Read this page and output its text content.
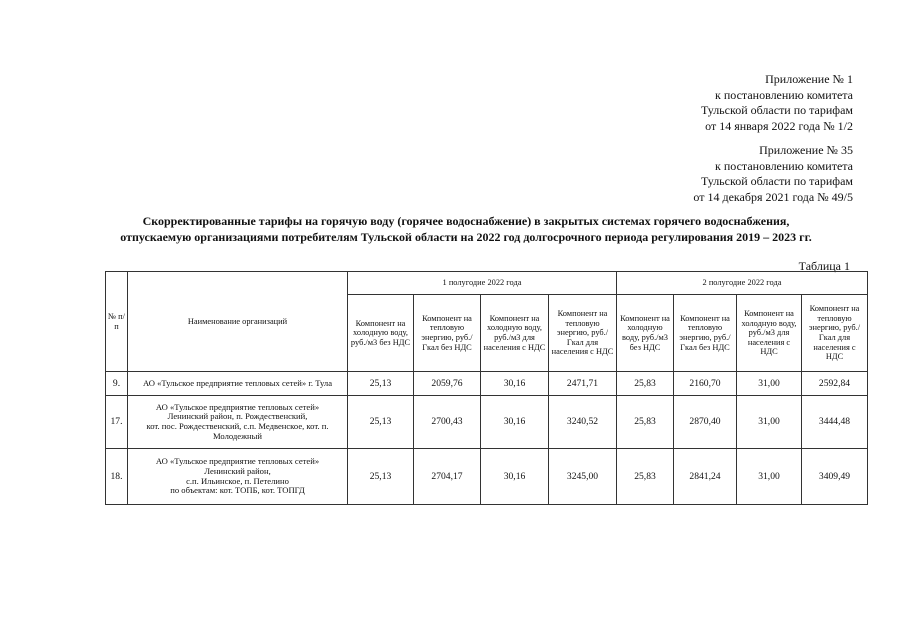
Приложение № 1
к постановлению комитета
Тульской области по тарифам
от 14 января 2022 года № 1/2
Приложение № 35
к постановлению комитета
Тульской области по тарифам
от 14 декабря 2021 года № 49/5
Скорректированные тарифы на горячую воду (горячее водоснабжение) в закрытых системах горячего водоснабжения,
отпускаемую организациями потребителям Тульской области на 2022 год долгосрочного периода регулирования 2019 – 2023 гг.
Таблица 1
№ п/п	Наименование организаций	1 полугодие 2022 года				2 полугодие 2022 года			
		Компонент на холодную воду, руб./м3 без НДС	Компонент на тепловую энергию, руб./Гкал без НДС	Компонент на холодную воду, руб./м3 для населения с НДС	Компонент на тепловую энергию, руб./Гкал для населения с НДС	Компонент на холодную воду, руб./м3 без НДС	Компонент на тепловую энергию, руб./Гкал без НДС	Компонент на холодную воду, руб./м3 для населения с НДС	Компонент на тепловую энергию, руб./Гкал для населения с НДС
9.	АО «Тульское предприятие тепловых сетей» г. Тула	25,13	2059,76	30,16	2471,71	25,83	2160,70	31,00	2592,84
17.	АО «Тульское предприятие тепловых сетей»
Ленинский район, п. Рождественский,
кот. пос. Рождественский, с.п. Медвенское, кот. п.
Молодежный	25,13	2700,43	30,16	3240,52	25,83	2870,40	31,00	3444,48
18.	АО «Тульское предприятие тепловых сетей»
Ленинский район,
с.п. Ильинское, п. Петелино
по объектам: кот. ТОПБ, кот. ТОПГД	25,13	2704,17	30,16	3245,00	25,83	2841,24	31,00	3409,49
